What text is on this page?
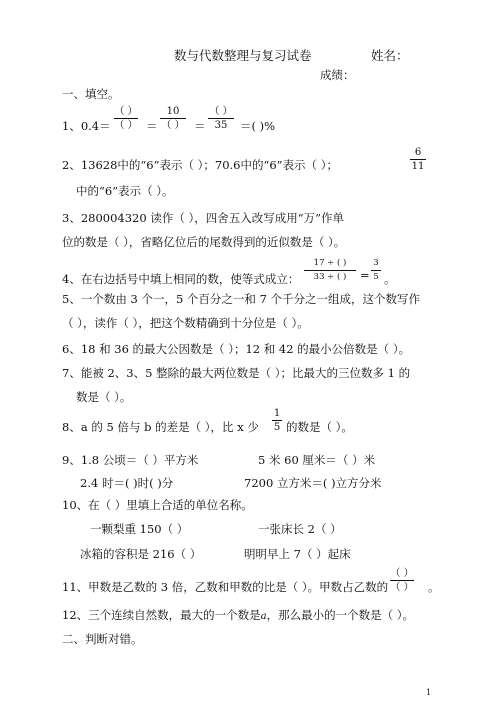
数与代数整理与复习试卷	姓名：
成绩：
一、填空。
1、0.4＝
（ ）
（ ） ＝
10
（ ） ＝
（ ）
35 ＝( )%
2、13628中的“6”表示（ ）；70.6中的“6”表示（ ）；
6
11
中的“6”表示（ ）。
3、280004320 读作（ ），四舍五入改写成用“万”作单
位的数是（ ），省略亿位后的尾数得到的近似数是（ ）。
4、在右边括号中填上相同的数，使等式成立：
17 ÷ ( )
33 ÷ ( ) =
3
5 。
5、一个数由 3 个一，5 个百分之一和 7 个千分之一组成，这个数写作
（ ），读作（ ），把这个数精确到十分位是（ ）。
6、18 和 36 的最大公因数是（ ）；12 和 42 的最小公倍数是（ ）。
7、能被 2、3、5 整除的最大两位数是（ ）；比最大的三位数多 1 的
数是（ ）。
8、a 的 5 倍与 b 的差是（ ），比 x 少
1
5 的数是（ ）。
9、1.8 公顷＝（ ）平方米	5 米 60 厘米＝（ ）米
2.4 时＝( )时( )分	7200 立方米＝( )立方分米
10、在（ ）里填上合适的单位名称。
一颗梨重 150（ ）	一张床长 2（ ）
冰箱的容积是 216（ ）	明明早上 7（ ）起床
11、甲数是乙数的 3 倍，乙数和甲数的比是（ ）。甲数占乙数的
（ ）
（ ） 。
12、三个连续自然数，最大的一个数是a，那么最小的一个数是（ ）。
二、判断对错。
1
